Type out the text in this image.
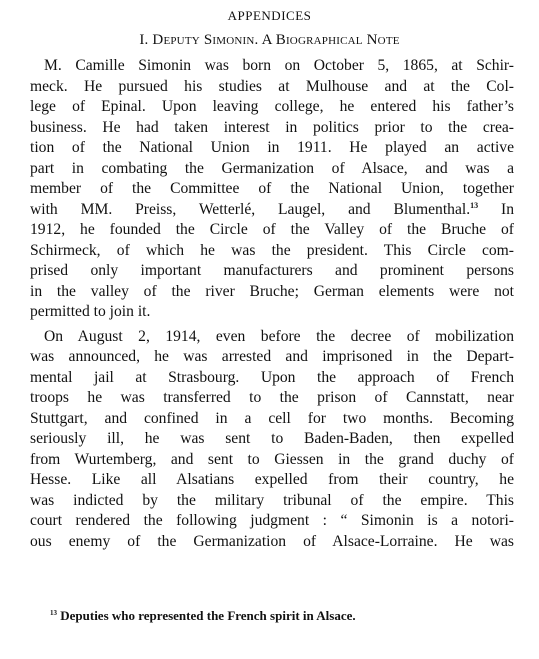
APPENDICES
I. Deputy Simonin. A Biographical Note
M. Camille Simonin was born on October 5, 1865, at Schir-
meck. He pursued his studies at Mulhouse and at the Col-
lege of Epinal. Upon leaving college, he entered his father’s
business. He had taken interest in politics prior to the crea-
tion of the National Union in 1911. He played an active
part in combating the Germanization of Alsace, and was a
member of the Committee of the National Union, together
with MM. Preiss, Wetterlé, Laugel, and Blumenthal.$^{13}$ In
1912, he founded the Circle of the Valley of the Bruche of
Schirmeck, of which he was the president. This Circle com-
prised only important manufacturers and prominent persons
in the valley of the river Bruche; German elements were not
permitted to join it.
On August 2, 1914, even before the decree of mobilization
was announced, he was arrested and imprisoned in the Depart-
mental jail at Strasbourg. Upon the approach of French
troops he was transferred to the prison of Cannstatt, near
Stuttgart, and confined in a cell for two months. Becoming
seriously ill, he was sent to Baden-Baden, then expelled
from Wurtemberg, and sent to Giessen in the grand duchy of
Hesse. Like all Alsatians expelled from their country, he
was indicted by the military tribunal of the empire. This
court rendered the following judgment : “ Simonin is a notori-
ous enemy of the Germanization of Alsace-Lorraine. He was
$^{13}$ Deputies who represented the French spirit in Alsace.
